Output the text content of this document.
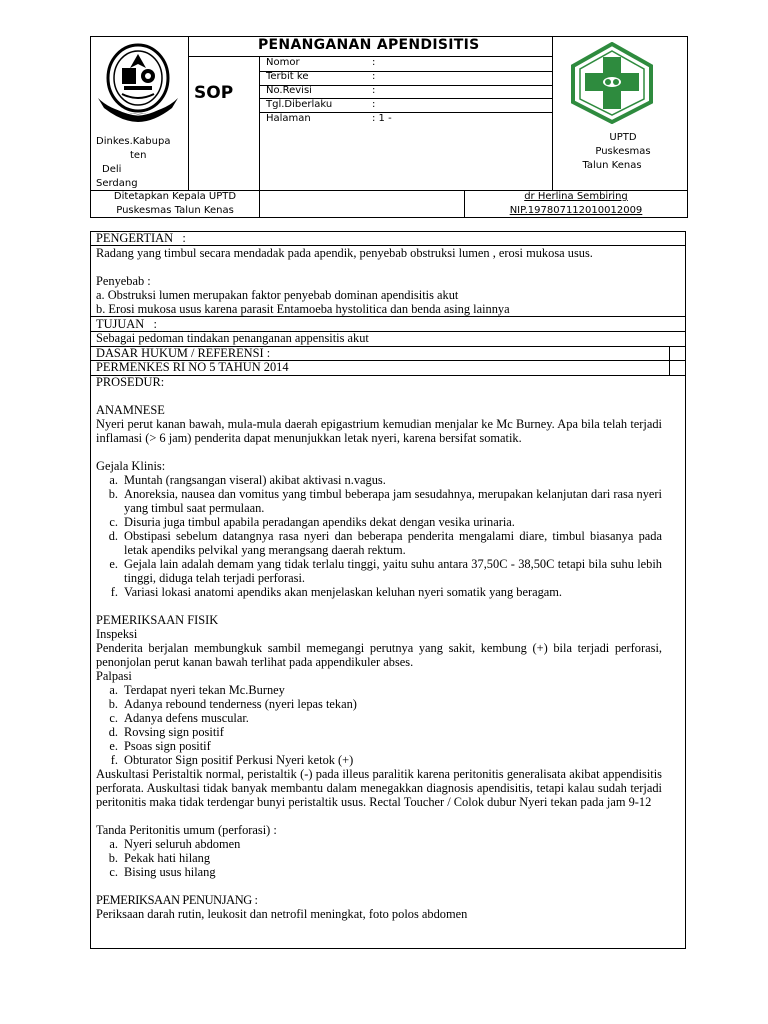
SOP
PENANGANAN APENDISITIS
Nomor	:
Terbit ke	:
No.Revisi	:
Tgl.Diberlaku	:
Halaman	: 1 -
Dinkes.Kabupa
ten
Deli
Serdang
UPTD
Puskesmas
Talun Kenas
Ditetapkan Kepala UPTD
Puskesmas Talun Kenas
dr Herlina Sembiring
NIP.19780711201001200​9
PENGERTIAN   :
Radang yang timbul secara mendadak pada apendik, penyebab obstruksi lumen , erosi mukosa usus.
Penyebab :
a. Obstruksi lumen merupakan faktor penyebab dominan apendisitis akut
b. Erosi mukosa usus karena parasit Entamoeba hystolitica dan benda asing lainnya
TUJUAN   :
Sebagai pedoman tindakan penanganan appensitis akut
DASAR HUKUM / REFERENSI :
PERMENKES RI NO 5 TAHUN 2014
PROSEDUR:
ANAMNESE
Nyeri perut kanan bawah, mula-mula daerah epigastrium kemudian menjalar ke Mc Burney. Apa bila telah terjadi inflamasi (> 6 jam) penderita dapat menunjukkan letak nyeri, karena bersifat somatik.
Gejala Klinis:
a. Muntah (rangsangan viseral) akibat aktivasi n.vagus.
b. Anoreksia, nausea dan vomitus yang timbul beberapa jam sesudahnya, merupakan kelanjutan dari rasa nyeri yang timbul saat permulaan.
c. Disuria juga timbul apabila peradangan apendiks dekat dengan vesika urinaria.
d. Obstipasi sebelum datangnya rasa nyeri dan beberapa penderita mengalami diare, timbul biasanya pada letak apendiks pelvikal yang merangsang daerah rektum.
e. Gejala lain adalah demam yang tidak terlalu tinggi, yaitu suhu antara 37,50C - 38,50C tetapi bila suhu lebih tinggi, diduga telah terjadi perforasi.
f. Variasi lokasi anatomi apendiks akan menjelaskan keluhan nyeri somatik yang beragam.
PEMERIKSAAN FISIK
Inspeksi
Penderita berjalan membungkuk sambil memegangi perutnya yang sakit, kembung (+) bila terjadi perforasi, penonjolan perut kanan bawah terlihat pada appendikuler abses.
Palpasi
a. Terdapat nyeri tekan Mc.Burney
b. Adanya rebound tenderness (nyeri lepas tekan)
c. Adanya defens muscular.
d. Rovsing sign positif
e. Psoas sign positif
f. Obturator Sign positif Perkusi Nyeri ketok (+)
Auskultasi Peristaltik normal, peristaltik (-) pada illeus paralitik karena peritonitis generalisata akibat appendisitis perforata. Auskultasi tidak banyak membantu dalam menegakkan diagnosis apendisitis, tetapi kalau sudah terjadi peritonitis maka tidak terdengar bunyi peristaltik usus. Rectal Toucher / Colok dubur Nyeri tekan pada jam 9-12
Tanda Peritonitis umum (perforasi) :
a. Nyeri seluruh abdomen
b. Pekak hati hilang
c. Bising usus hilang
PEMERIKSAAN PENUNJANG :
Periksaan darah rutin, leukosit dan netrofil meningkat, foto polos abdomen
